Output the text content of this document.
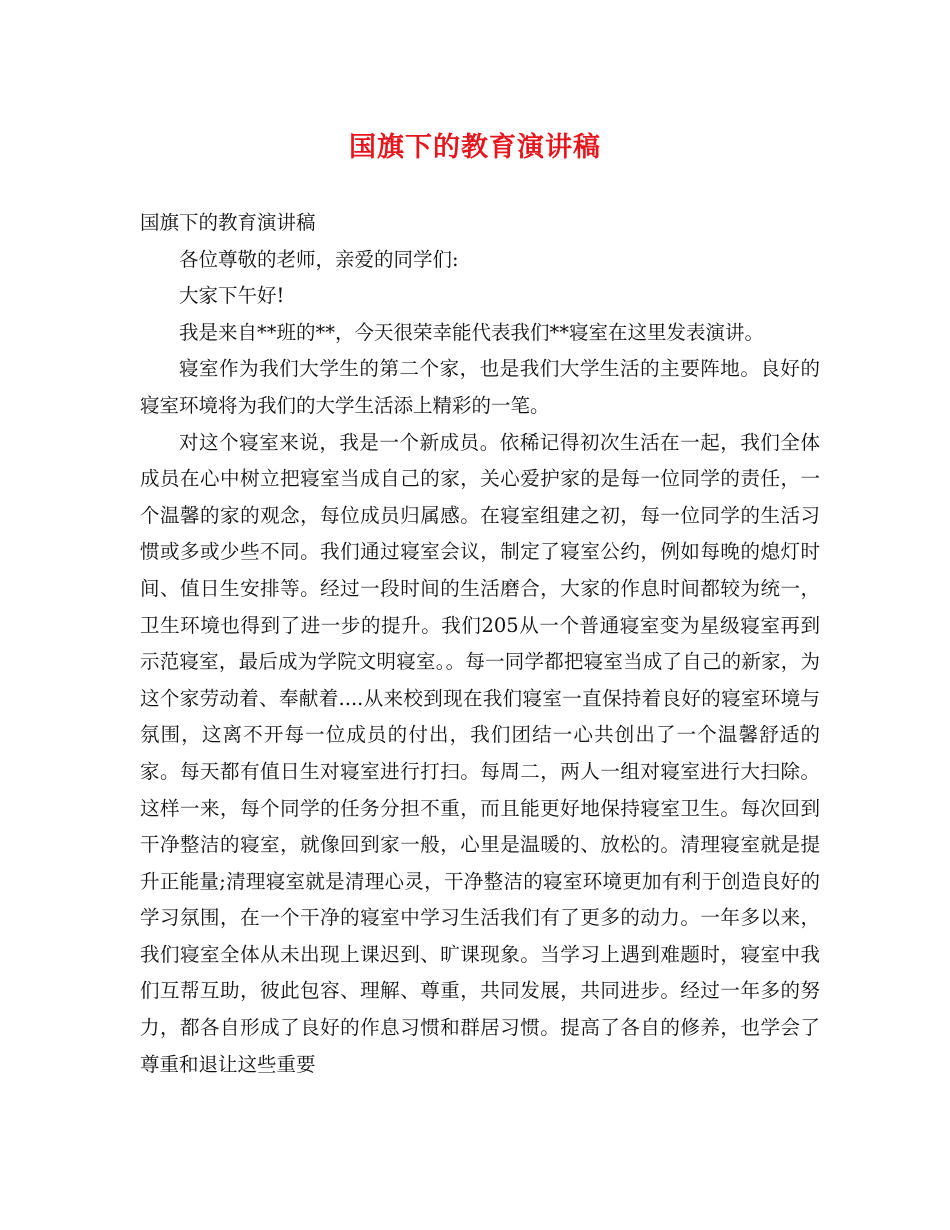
国旗下的教育演讲稿

国旗下的教育演讲稿

各位尊敬的老师，亲爱的同学们:

大家下午好!

我是来自**班的**，今天很荣幸能代表我们**寝室在这里发表演讲。

寝室作为我们大学生的第二个家，也是我们大学生活的主要阵地。良好的寝室环境将为我们的大学生活添上精彩的一笔。

对这个寝室来说，我是一个新成员。依稀记得初次生活在一起，我们全体成员在心中树立把寝室当成自己的家，关心爱护家的是每一位同学的责任，一个温馨的家的观念，每位成员归属感。在寝室组建之初，每一位同学的生活习惯或多或少些不同。我们通过寝室会议，制定了寝室公约，例如每晚的熄灯时间、值日生安排等。经过一段时间的生活磨合，大家的作息时间都较为统一，卫生环境也得到了进一步的提升。我们205从一个普通寝室变为星级寝室再到示范寝室，最后成为学院文明寝室。。每一同学都把寝室当成了自己的新家，为这个家劳动着、奉献着....从来校到现在我们寝室一直保持着良好的寝室环境与氛围，这离不开每一位成员的付出，我们团结一心共创出了一个温馨舒适的家。每天都有值日生对寝室进行打扫。每周二，两人一组对寝室进行大扫除。这样一来，每个同学的任务分担不重，而且能更好地保持寝室卫生。每次回到干净整洁的寝室，就像回到家一般，心里是温暖的、放松的。清理寝室就是提升正能量;清理寝室就是清理心灵，干净整洁的寝室环境更加有利于创造良好的学习氛围，在一个干净的寝室中学习生活我们有了更多的动力。一年多以来，我们寝室全体从未出现上课迟到、旷课现象。当学习上遇到难题时，寝室中我们互帮互助，彼此包容、理解、尊重，共同发展，共同进步。经过一年多的努力，都各自形成了良好的作息习惯和群居习惯。提高了各自的修养，也学会了尊重和退让这些重要
